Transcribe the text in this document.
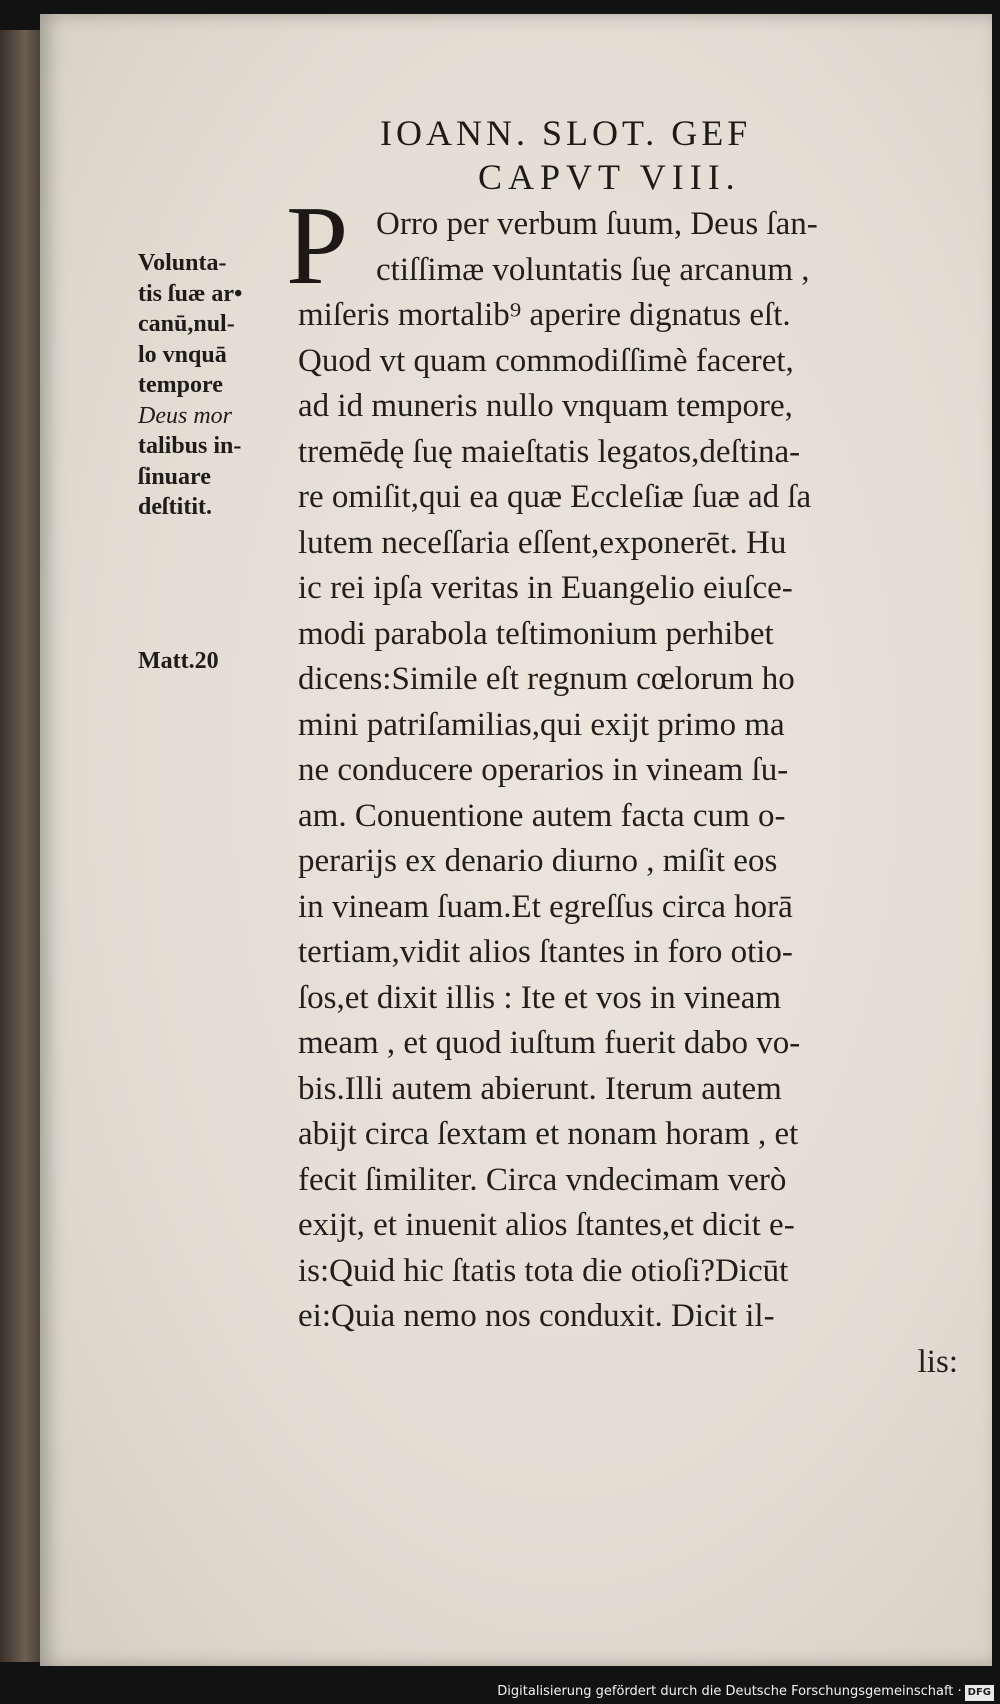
IOANN. SLOT. GEF
CAPVT VIII.
P Orro per verbum ſuum, Deus ſan-
ctiſſimæ voluntatis ſuę arcanum ,
miſeris mortalib⁹ aperire dignatus eſt.
Quod vt quam commodiſſimè faceret,
ad id muneris nullo vnquam tempore,
tremēdę ſuę maieſtatis legatos,deſtina-
re omiſit,qui ea quæ Eccleſiæ ſuæ ad ſa
lutem neceſſaria eſſent,exponerēt. Hu
ic rei ipſa veritas in Euangelio eiuſce-
modi parabola teſtimonium perhibet
dicens:Simile eſt regnum cœlorum ho
mini patriſamilias,qui exijt primo ma
ne conducere operarios in vineam ſu-
am. Conuentione autem facta cum o-
perarijs ex denario diurno , miſit eos
in vineam ſuam.Et egreſſus circa horā
tertiam,vidit alios ſtantes in foro otio-
ſos,et dixit illis : Ite et vos in vineam
meam , et quod iuſtum fuerit dabo vo-
bis.Illi autem abierunt. Iterum autem
abijt circa ſextam et nonam horam , et
fecit ſimiliter. Circa vndecimam verò
exijt, et inuenit alios ſtantes,et dicit e-
is:Quid hic ſtatis tota die otioſi?Dicūt
ei:Quia nemo nos conduxit. Dicit il-
lis:
Volunta-
tis ſuæ ar•
canū,nul-
lo vnquā
tempore
Deus mor
talibus in-
ſinuare
deſtitit.
Matt.20
Digitalisierung gefördert durch die Deutsche Forschungsgemeinschaft · DFG
